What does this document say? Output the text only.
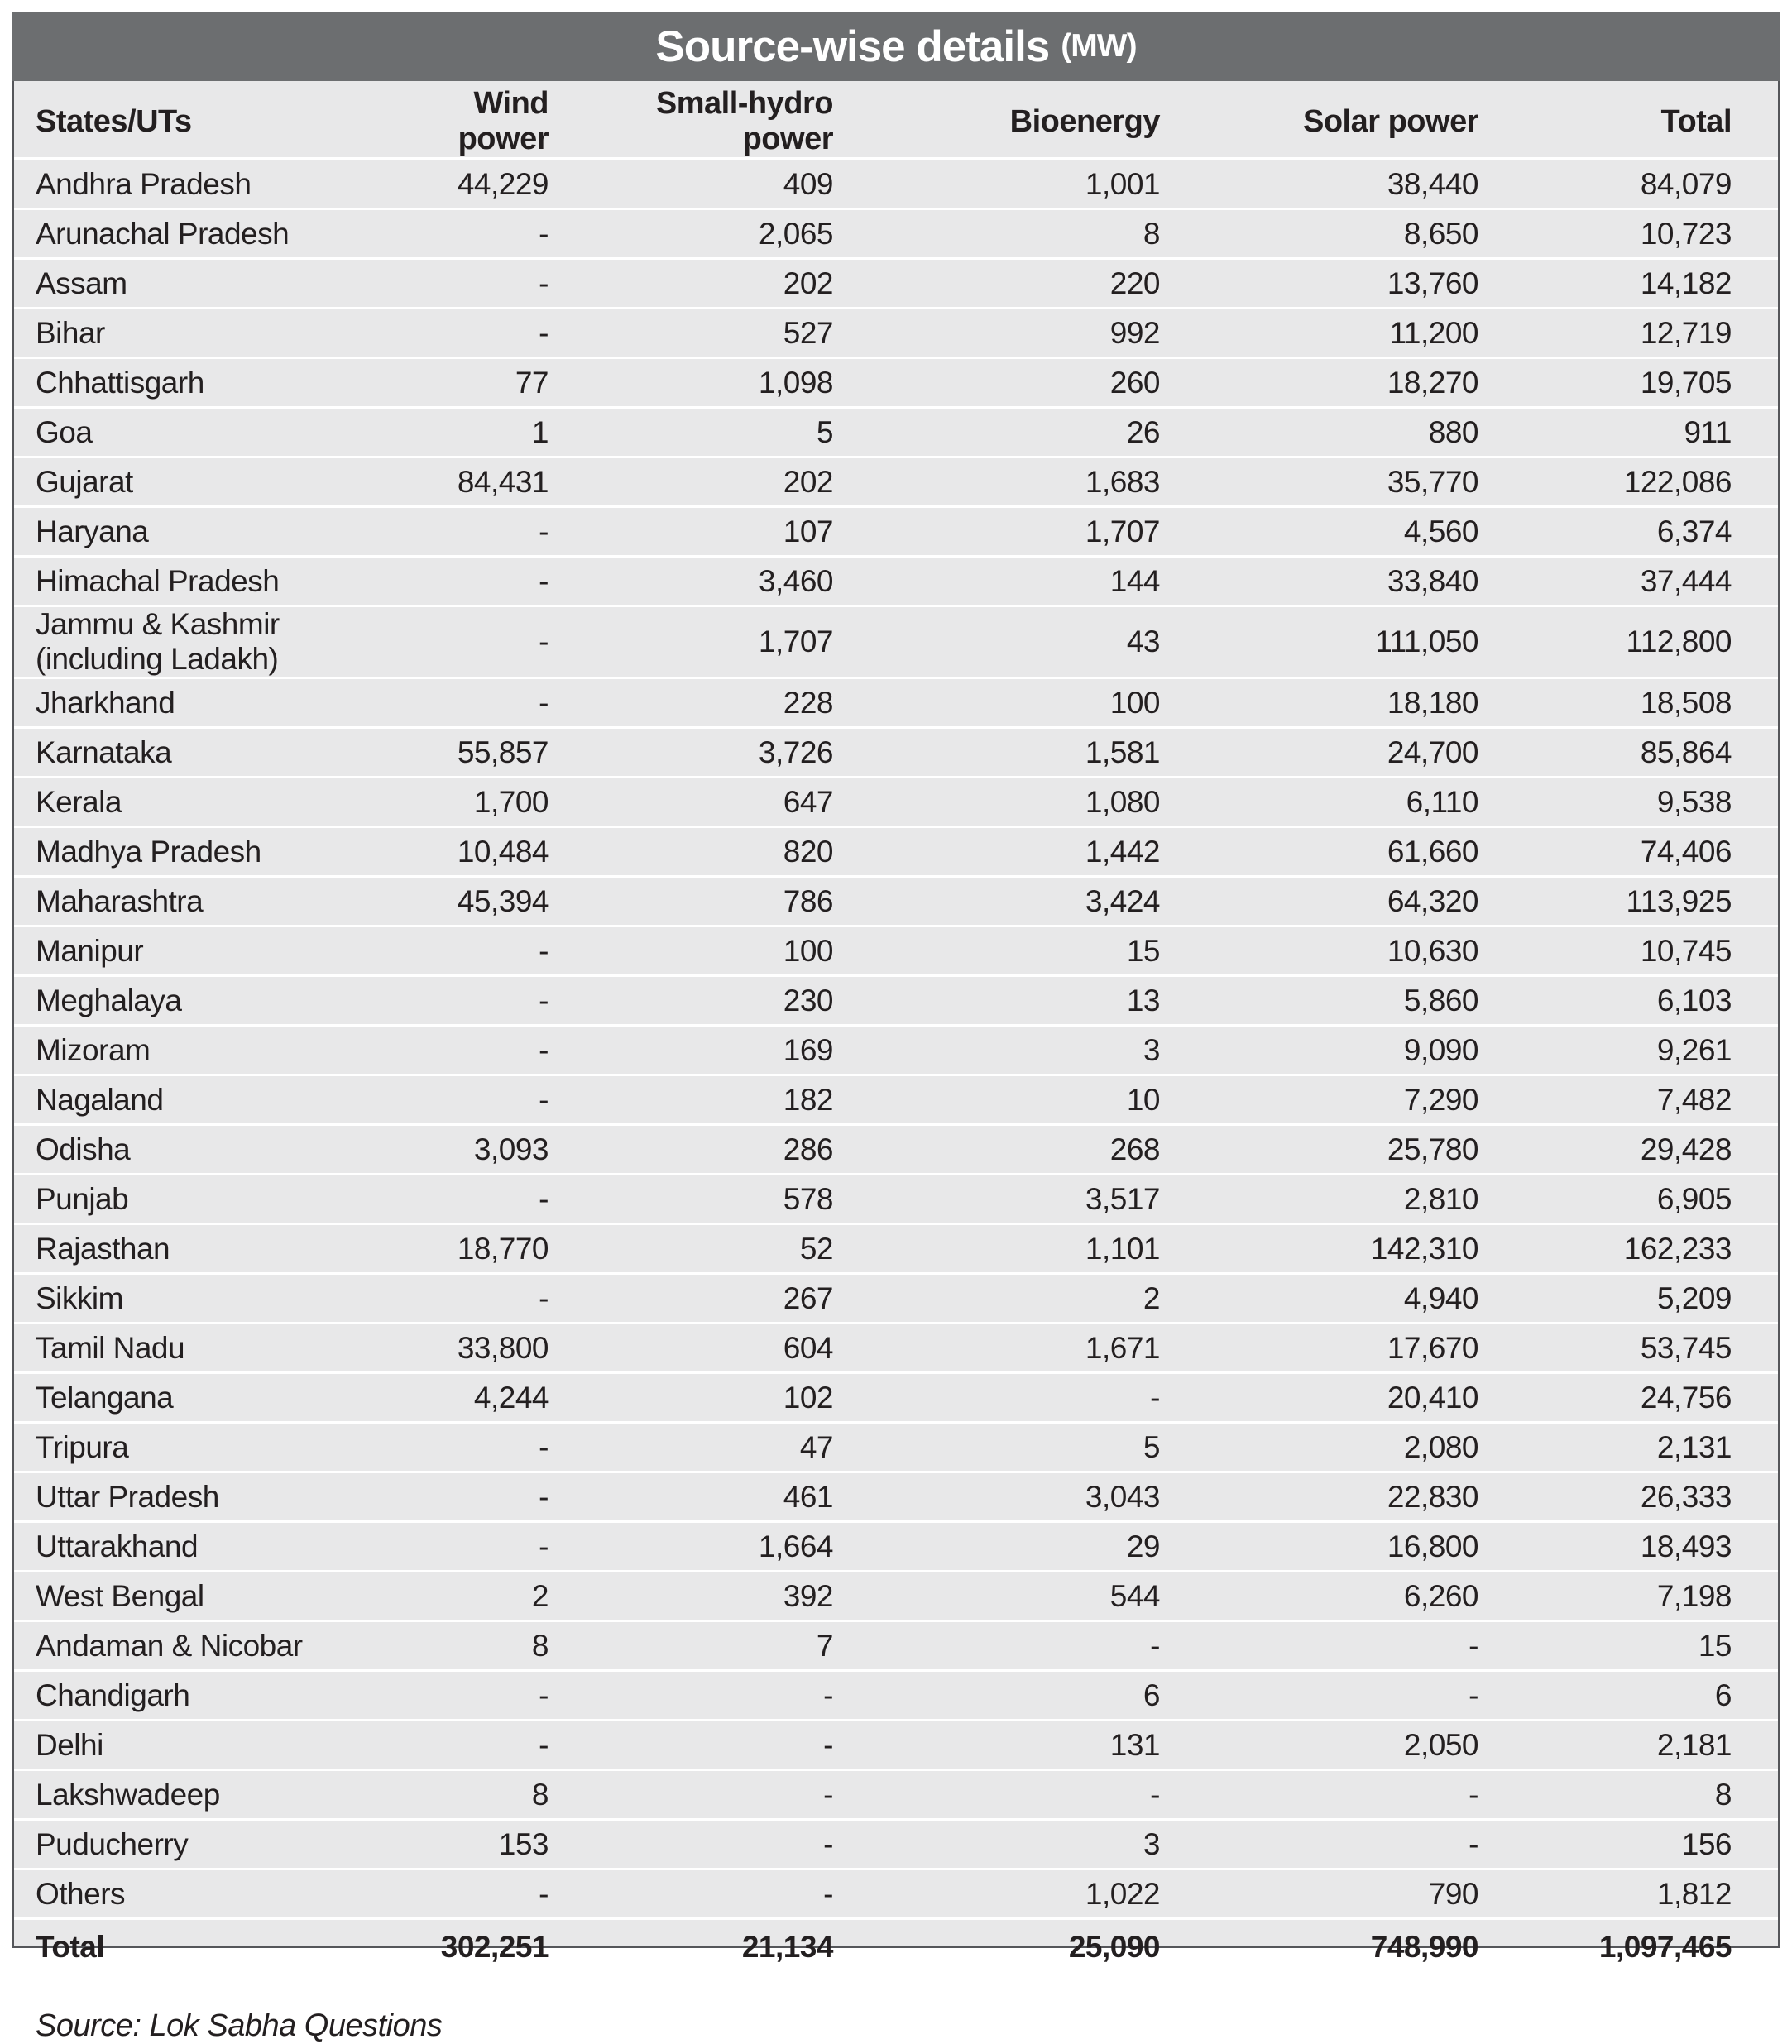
Source-wise details (MW)
States/UTs	Wind power	Small-hydro power	Bioenergy	Solar power	Total
Andhra Pradesh	44,229	409	1,001	38,440	84,079
Arunachal Pradesh	-	2,065	8	8,650	10,723
Assam	-	202	220	13,760	14,182
Bihar	-	527	992	11,200	12,719
Chhattisgarh	77	1,098	260	18,270	19,705
Goa	1	5	26	880	911
Gujarat	84,431	202	1,683	35,770	122,086
Haryana	-	107	1,707	4,560	6,374
Himachal Pradesh	-	3,460	144	33,840	37,444
Jammu & Kashmir (including Ladakh)	-	1,707	43	111,050	112,800
Jharkhand	-	228	100	18,180	18,508
Karnataka	55,857	3,726	1,581	24,700	85,864
Kerala	1,700	647	1,080	6,110	9,538
Madhya Pradesh	10,484	820	1,442	61,660	74,406
Maharashtra	45,394	786	3,424	64,320	113,925
Manipur	-	100	15	10,630	10,745
Meghalaya	-	230	13	5,860	6,103
Mizoram	-	169	3	9,090	9,261
Nagaland	-	182	10	7,290	7,482
Odisha	3,093	286	268	25,780	29,428
Punjab	-	578	3,517	2,810	6,905
Rajasthan	18,770	52	1,101	142,310	162,233
Sikkim	-	267	2	4,940	5,209
Tamil Nadu	33,800	604	1,671	17,670	53,745
Telangana	4,244	102	-	20,410	24,756
Tripura	-	47	5	2,080	2,131
Uttar Pradesh	-	461	3,043	22,830	26,333
Uttarakhand	-	1,664	29	16,800	18,493
West Bengal	2	392	544	6,260	7,198
Andaman & Nicobar	8	7	-	-	15
Chandigarh	-	-	6	-	6
Delhi	-	-	131	2,050	2,181
Lakshwadeep	8	-	-	-	8
Puducherry	153	-	3	-	156
Others	-	-	1,022	790	1,812
Total	302,251	21,134	25,090	748,990	1,097,465
Source: Lok Sabha Questions
